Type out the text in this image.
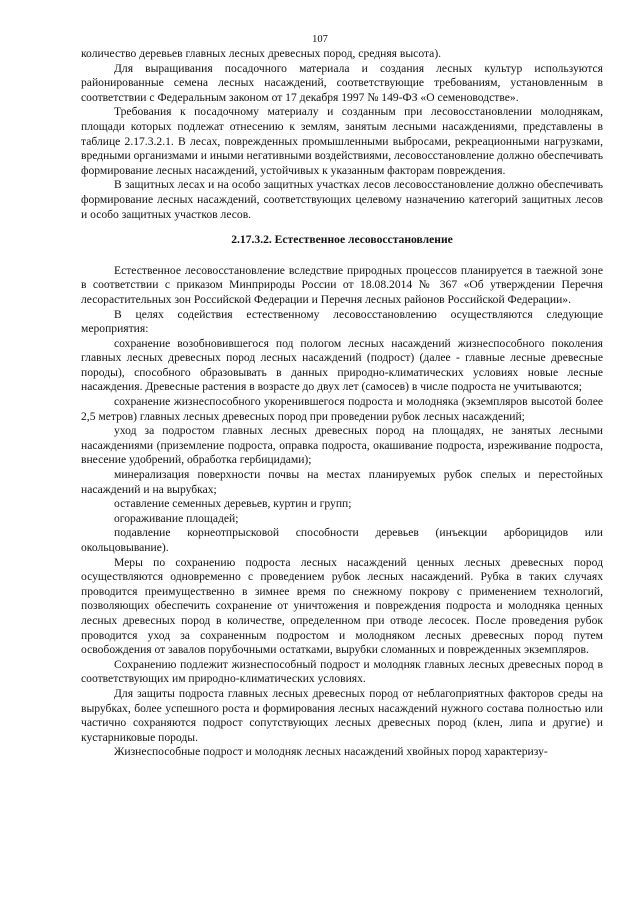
107

количество деревьев главных лесных древесных пород, средняя высота).

Для выращивания посадочного материала и создания лесных культур используются районированные семена лесных насаждений, соответствующие требованиям, установленным в соответствии с Федеральным законом от 17 декабря 1997 № 149-ФЗ «О семеноводстве».

Требования к посадочному материалу и созданным при лесовосстановлении молоднякам, площади которых подлежат отнесению к землям, занятым лесными насаждениями, представлены в таблице 2.17.3.2.1. В лесах, поврежденных промышленными выбросами, рекреационными нагрузками, вредными организмами и иными негативными воздействиями, лесовосстановление должно обеспечивать формирование лесных насаждений, устойчивых к указанным факторам повреждения.

В защитных лесах и на особо защитных участках лесов лесовосстановление должно обеспечивать формирование лесных насаждений, соответствующих целевому назначению категорий защитных лесов и особо защитных участков лесов.

2.17.3.2. Естественное лесовосстановление

Естественное лесовосстановление вследствие природных процессов планируется в таежной зоне в соответствии с приказом Минприроды России от 18.08.2014 № 367 «Об утверждении Перечня лесорастительных зон Российской Федерации и Перечня лесных районов Российской Федерации».

В целях содействия естественному лесовосстановлению осуществляются следующие мероприятия:

сохранение возобновившегося под пологом лесных насаждений жизнеспособного поколения главных лесных древесных пород лесных насаждений (подрост) (далее - главные лесные древесные породы), способного образовывать в данных природно-климатических условиях новые лесные насаждения. Древесные растения в возрасте до двух лет (самосев) в числе подроста не учитываются;

сохранение жизнеспособного укоренившегося подроста и молодняка (экземпляров высотой более 2,5 метров) главных лесных древесных пород при проведении рубок лесных насаждений;

уход за подростом главных лесных древесных пород на площадях, не занятых лесными насаждениями (приземление подроста, оправка подроста, окашивание подроста, изреживание подроста, внесение удобрений, обработка гербицидами);

минерализация поверхности почвы на местах планируемых рубок спелых и перестойных насаждений и на вырубках;

оставление семенных деревьев, куртин и групп;

огораживание площадей;

подавление корнеотпрысковой способности деревьев (инъекции арборицидов или окольцовывание).

Меры по сохранению подроста лесных насаждений ценных лесных древесных пород осуществляются одновременно с проведением рубок лесных насаждений. Рубка в таких случаях проводится преимущественно в зимнее время по снежному покрову с применением технологий, позволяющих обеспечить сохранение от уничтожения и повреждения подроста и молодняка ценных лесных древесных пород в количестве, определенном при отводе лесосек. После проведения рубок проводится уход за сохраненным подростом и молодняком лесных древесных пород путем освобождения от завалов порубочными остатками, вырубки сломанных и поврежденных экземпляров.

Сохранению подлежит жизнеспособный подрост и молодняк главных лесных древесных пород в соответствующих им природно-климатических условиях.

Для защиты подроста главных лесных древесных пород от неблагоприятных факторов среды на вырубках, более успешного роста и формирования лесных насаждений нужного состава полностью или частично сохраняются подрост сопутствующих лесных древесных пород (клен, липа и другие) и кустарниковые породы.

Жизнеспособные подрост и молодняк лесных насаждений хвойных пород характеризу-
